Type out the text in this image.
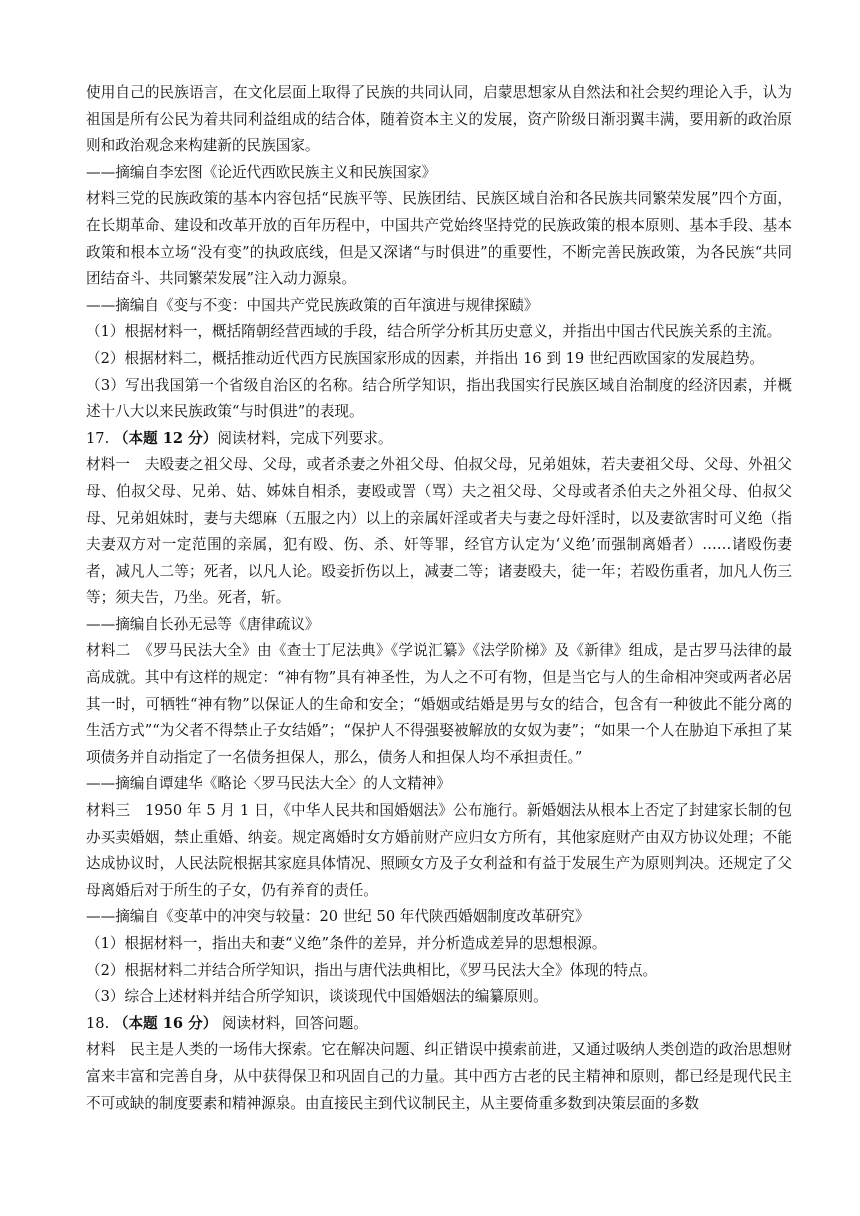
使用自己的民族语言，在文化层面上取得了民族的共同认同，启蒙思想家从自然法和社会契约理论入手，认为祖国是所有公民为着共同利益组成的结合体，随着资本主义的发展，资产阶级日渐羽翼丰满，要用新的政治原则和政治观念来构建新的民族国家。

——摘编自李宏图《论近代西欧民族主义和民族国家》

材料三党的民族政策的基本内容包括“民族平等、民族团结、民族区域自治和各民族共同繁荣发展”四个方面，在长期革命、建设和改革开放的百年历程中，中国共产党始终坚持党的民族政策的根本原则、基本手段、基本政策和根本立场“没有变”的执政底线，但是又深诸“与时俱进”的重要性，不断完善民族政策，为各民族“共同团结奋斗、共同繁荣发展”注入动力源泉。

——摘编自《变与不变：中国共产党民族政策的百年演进与规律探赜》

（1）根据材料一，概括隋朝经营西域的手段，结合所学分析其历史意义，并指出中国古代民族关系的主流。

（2）根据材料二，概括推动近代西方民族国家形成的因素，并指出 16 到 19 世纪西欧国家的发展趋势。

（3）写出我国第一个省级自治区的名称。结合所学知识，指出我国实行民族区域自治制度的经济因素，并概述十八大以来民族政策“与时俱进”的表现。

17. （本题 12 分）阅读材料，完成下列要求。

材料一　夫殴妻之祖父母、父母，或者杀妻之外祖父母、伯叔父母，兄弟姐妹，若夫妻祖父母、父母、外祖父母、伯叔父母、兄弟、姑、姊妹自相杀，妻殴或詈（骂）夫之祖父母、父母或者杀伯夫之外祖父母、伯叔父母、兄弟姐妹时，妻与夫缌麻（五服之内）以上的亲属奸淫或者夫与妻之母奸淫时，以及妻欲害时可义绝（指夫妻双方对一定范围的亲属，犯有殴、伤、杀、奸等罪，经官方认定为‘义绝’而强制离婚者）……诸殴伤妻者，减凡人二等；死者，以凡人论。殴妾折伤以上，减妻二等；诸妻殴夫，徒一年；若殴伤重者，加凡人伤三等；须夫告，乃坐。死者，斩。

——摘编自长孙无忌等《唐律疏议》

材料二　《罗马民法大全》由《查士丁尼法典》《学说汇纂》《法学阶梯》及《新律》组成，是古罗马法律的最高成就。其中有这样的规定：“神有物”具有神圣性，为人之不可有物，但是当它与人的生命相冲突或两者必居其一时，可牺牲“神有物”以保证人的生命和安全；“婚姻或结婚是男与女的结合，包含有一种彼此不能分离的生活方式”“为父者不得禁止子女结婚”；“保护人不得强娶被解放的女奴为妻”；“如果一个人在胁迫下承担了某项债务并自动指定了一名债务担保人，那么，债务人和担保人均不承担责任。”

——摘编自谭建华《略论〈罗马民法大全〉的人文精神》

材料三　1950 年 5 月 1 日，《中华人民共和国婚姻法》公布施行。新婚姻法从根本上否定了封建家长制的包办买卖婚姻，禁止重婚、纳妾。规定离婚时女方婚前财产应归女方所有，其他家庭财产由双方协议处理；不能达成协议时，人民法院根据其家庭具体情况、照顾女方及子女利益和有益于发展生产为原则判决。还规定了父母离婚后对于所生的子女，仍有养育的责任。

——摘编自《变革中的冲突与较量：20 世纪 50 年代陕西婚姻制度改革研究》

（1）根据材料一，指出夫和妻“义绝”条件的差异，并分析造成差异的思想根源。

（2）根据材料二并结合所学知识，指出与唐代法典相比，《罗马民法大全》体现的特点。

（3）综合上述材料并结合所学知识，谈谈现代中国婚姻法的编纂原则。

18. （本题 16 分） 阅读材料，回答问题。

材料　民主是人类的一场伟大探索。它在解决问题、纠正错误中摸索前进，又通过吸纳人类创造的政治思想财富来丰富和完善自身，从中获得保卫和巩固自己的力量。其中西方古老的民主精神和原则，都已经是现代民主不可或缺的制度要素和精神源泉。由直接民主到代议制民主，从主要倚重多数到决策层面的多数
